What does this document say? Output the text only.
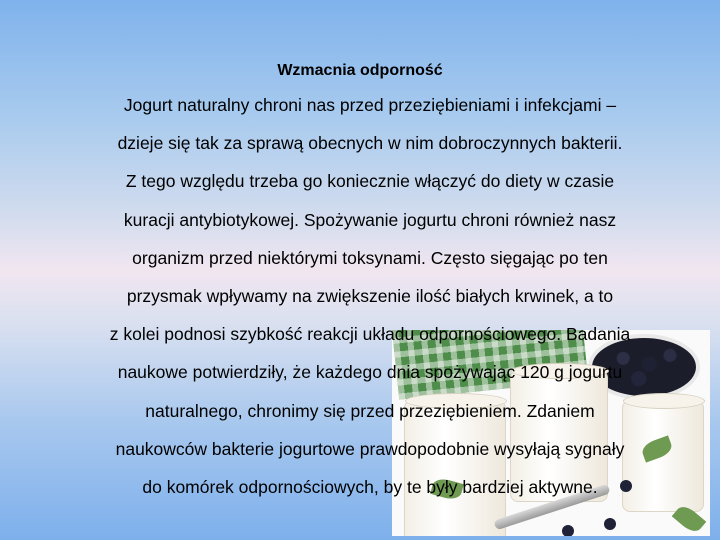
Wzmacnia odporność

Jogurt naturalny chroni nas przed przeziębieniami i infekcjami –
dzieje się tak za sprawą obecnych w nim dobroczynnych bakterii.
Z tego względu trzeba go koniecznie włączyć do diety w czasie
kuracji antybiotykowej. Spożywanie jogurtu chroni również nasz
organizm przed niektórymi toksynami. Często sięgając po ten
przysmak wpływamy na zwiększenie ilość białych krwinek, a to
z kolei podnosi szybkość reakcji układu odpornościowego. Badania
naukowe potwierdziły, że każdego dnia spożywając 120 g jogurtu
naturalnego, chronimy się przed przeziębieniem. Zdaniem
naukowców bakterie jogurtowe prawdopodobnie wysyłają sygnały
do komórek odpornościowych, by te były bardziej aktywne.
